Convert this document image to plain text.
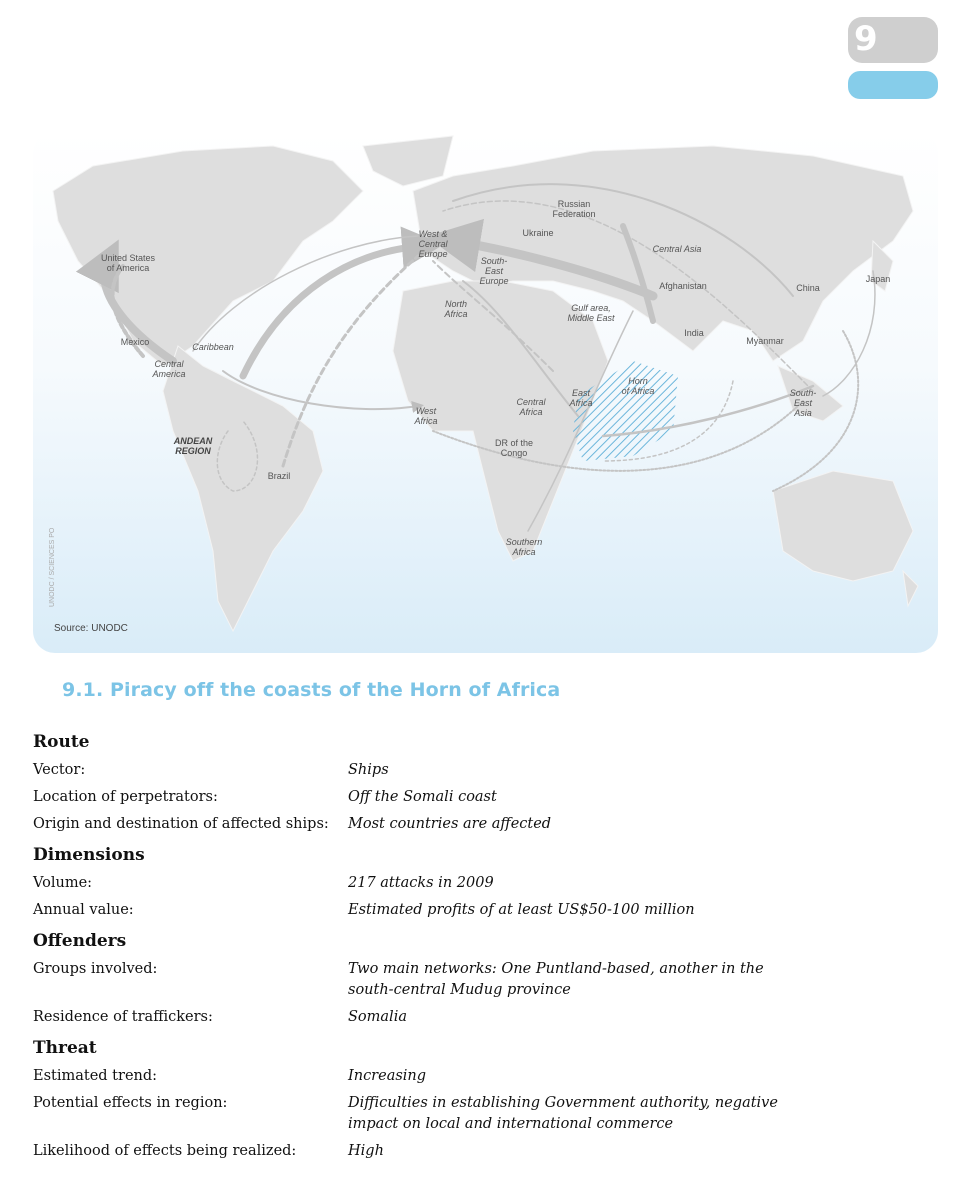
9
UNODC / SCIENCES PO
Source: UNODC
United States
of America
Mexico	Caribbean
Central
America
ANDEAN
REGION
Brazil
West &
Central
Europe
Russian
Federation
Ukraine
South-
East
Europe
Central Asia
Afghanistan
North
Africa
Gulf area,
Middle East
India
China
Japan
Myanmar
Horn
of Africa
East
Africa
Central
Africa
West
Africa
DR of the
Congo
South-
East
Asia
Southern
Africa
9.1. Piracy off the coasts of the Horn of Africa
Route
Vector:	Ships
Location of perpetrators:	Off the Somali coast
Origin and destination of affected ships:	Most countries are affected
Dimensions
Volume:	217 attacks in 2009
Annual value:	Estimated profits of at least US$50-100 million
Offenders
Groups involved:	Two main networks: One Puntland-based, another in the south-central Mudug province
Residence of traffickers:	Somalia
Threat
Estimated trend:	Increasing
Potential effects in region:	Difficulties in establishing Government authority, negative impact on local and international commerce
Likelihood of effects being realized:	High
